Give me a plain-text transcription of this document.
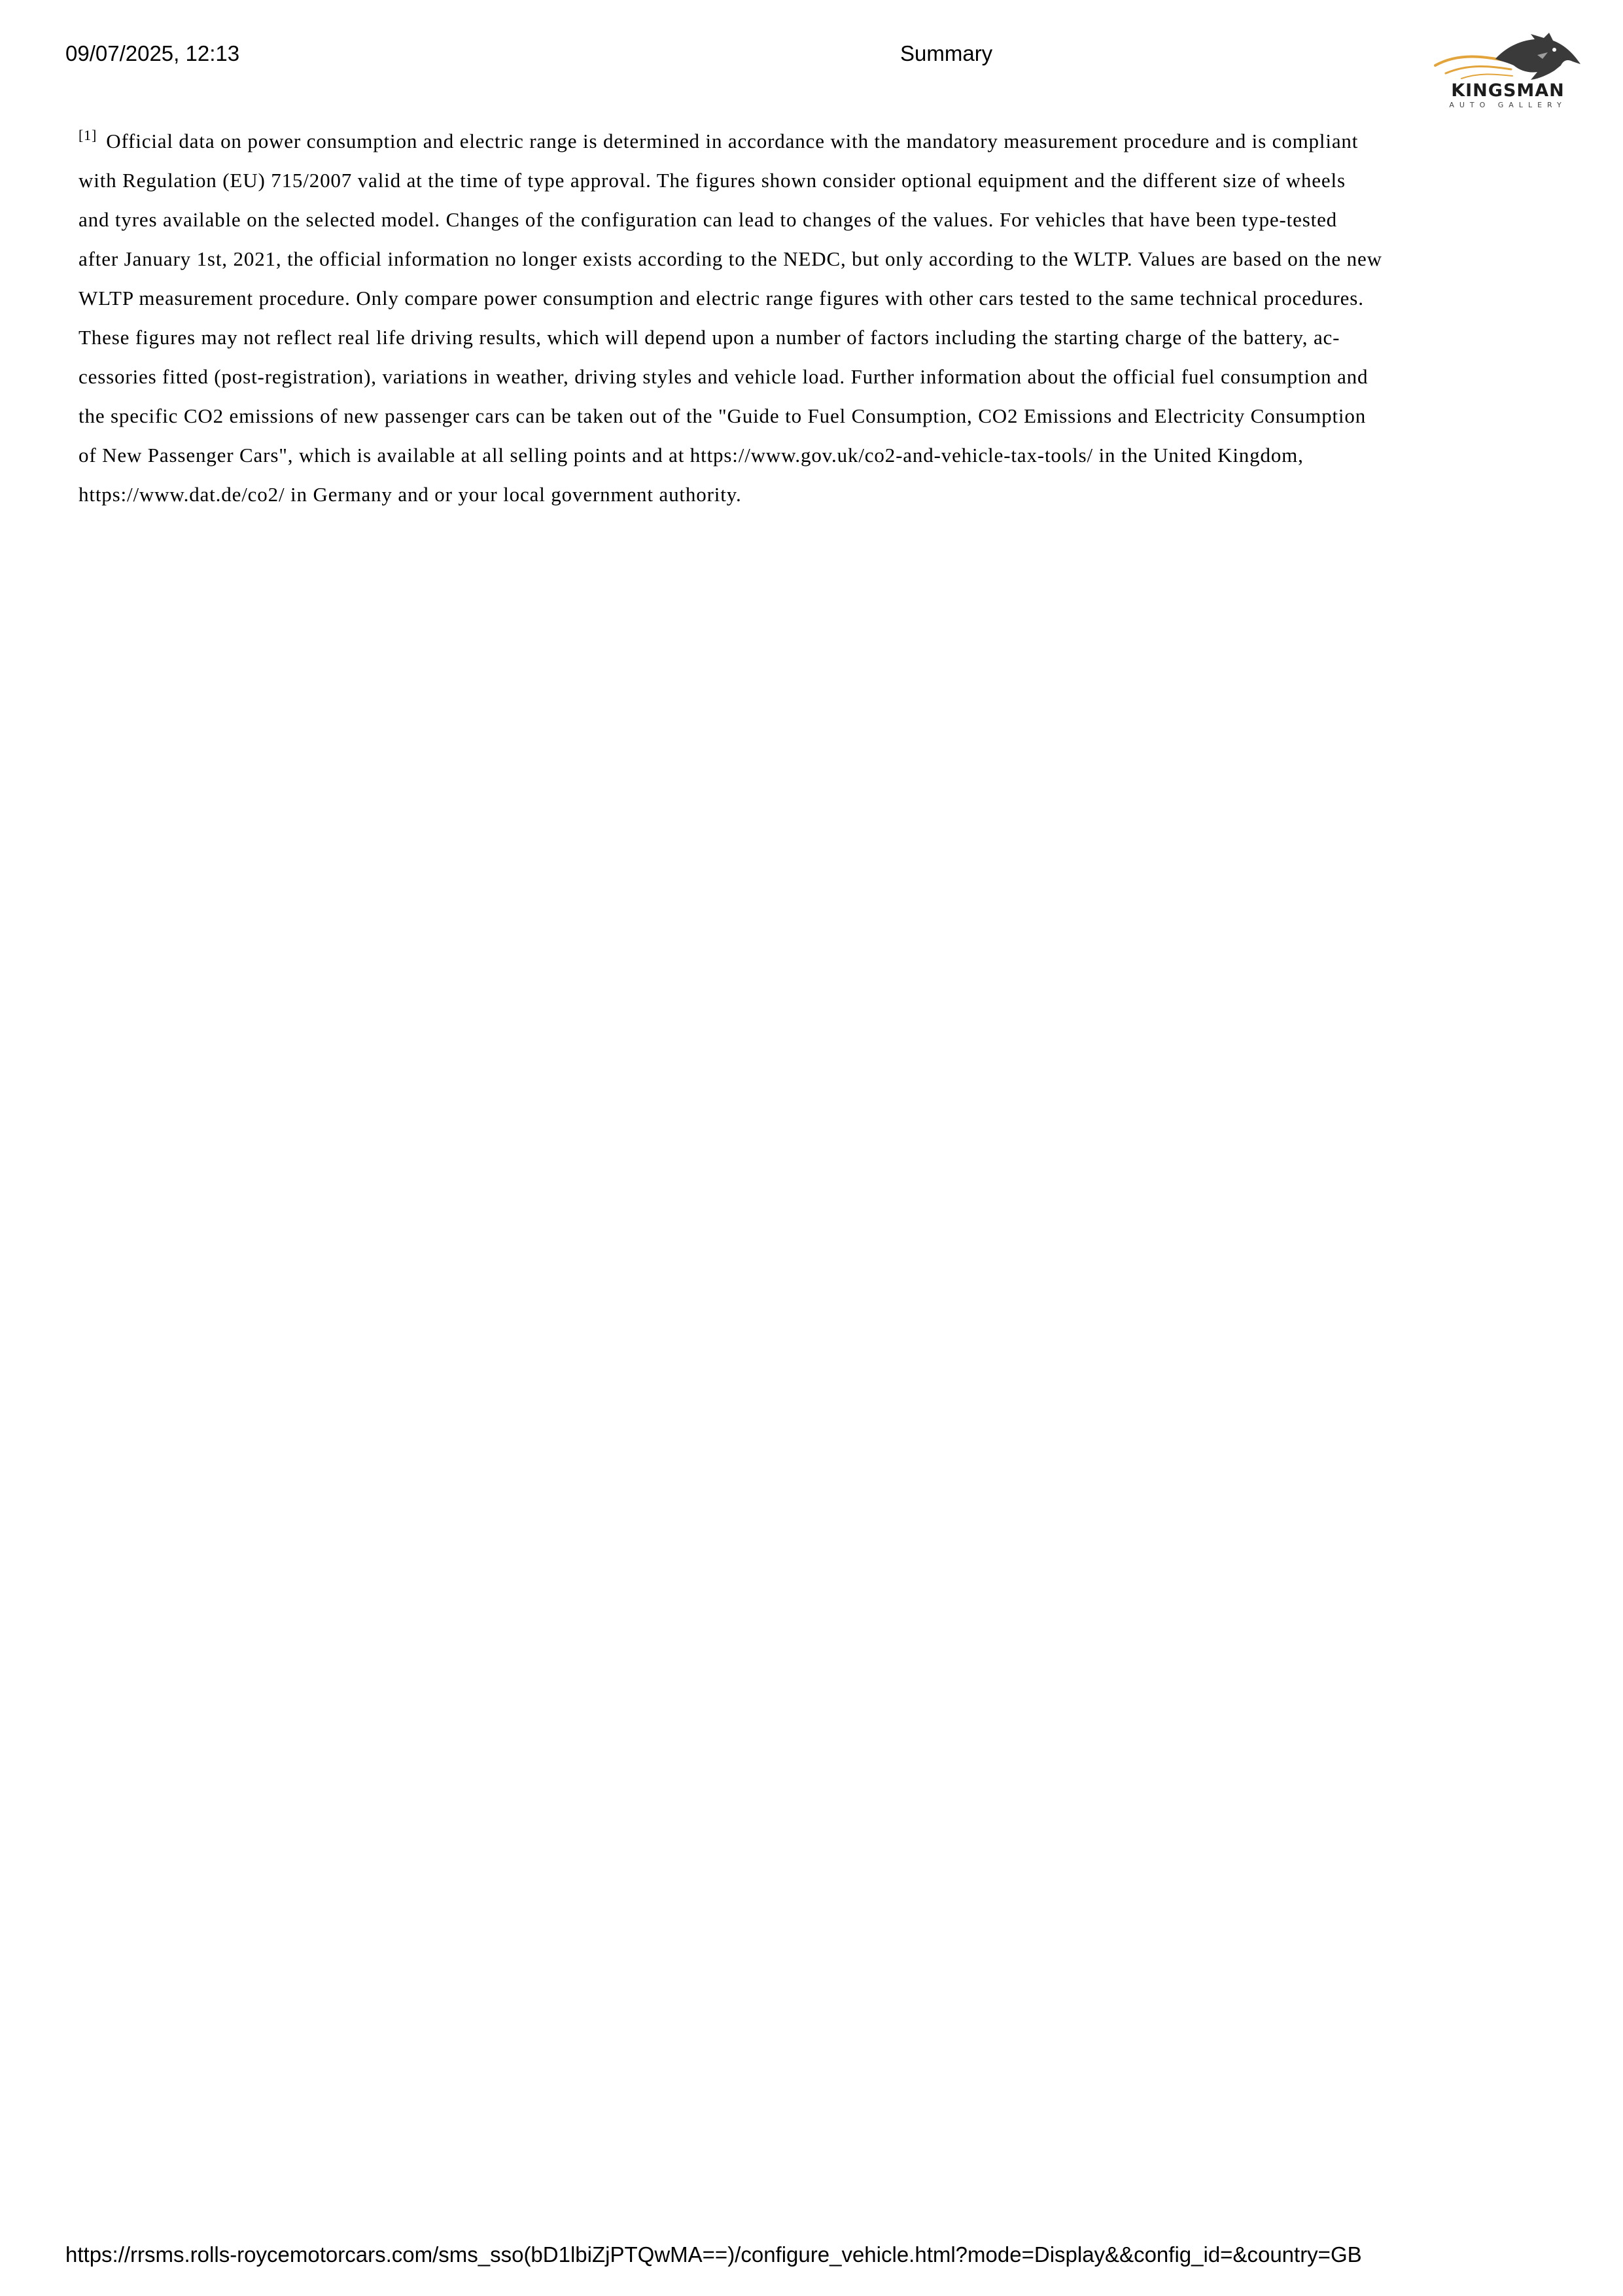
09/07/2025, 12:13	Summary
KINGSMAN
AUTO GALLERY
[1] Official data on power consumption and electric range is determined in accordance with the mandatory measurement procedure and is compliant
with Regulation (EU) 715/2007 valid at the time of type approval. The figures shown consider optional equipment and the different size of wheels
and tyres available on the selected model. Changes of the configuration can lead to changes of the values. For vehicles that have been type-tested
after January 1st, 2021, the official information no longer exists according to the NEDC, but only according to the WLTP. Values are based on the new
WLTP measurement procedure. Only compare power consumption and electric range figures with other cars tested to the same technical procedures.
These figures may not reflect real life driving results, which will depend upon a number of factors including the starting charge of the battery, ac-
cessories fitted (post-registration), variations in weather, driving styles and vehicle load. Further information about the official fuel consumption and
the specific CO2 emissions of new passenger cars can be taken out of the "Guide to Fuel Consumption, CO2 Emissions and Electricity Consumption
of New Passenger Cars", which is available at all selling points and at https://www.gov.uk/co2-and-vehicle-tax-tools/ in the United Kingdom,
https://www.dat.de/co2/ in Germany and or your local government authority.
https://rrsms.rolls-roycemotorcars.com/sms_sso(bD1lbiZjPTQwMA==)/configure_vehicle.html?mode=Display&&config_id=&country=GB
